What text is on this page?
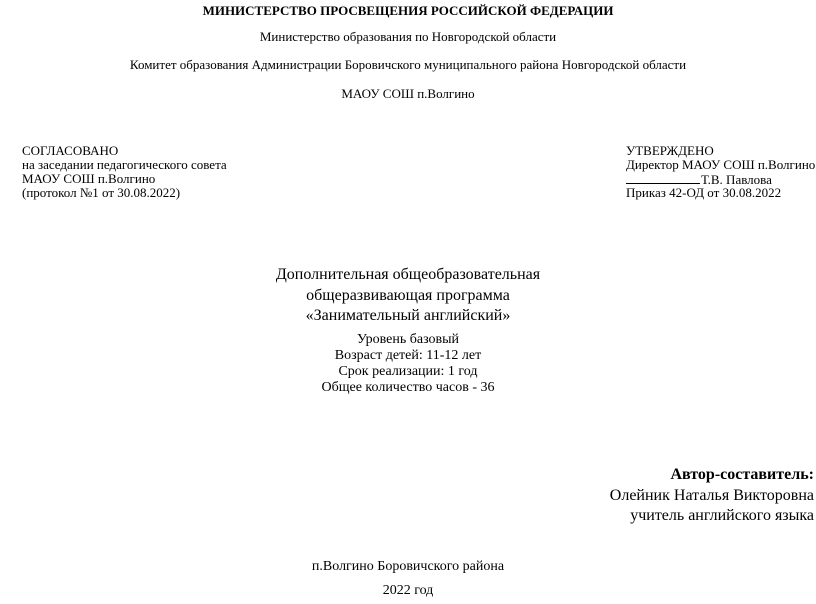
МИНИСТЕРСТВО ПРОСВЕЩЕНИЯ РОССИЙСКОЙ ФЕДЕРАЦИИ
Министерство образования по Новгородской области
Комитет образования Администрации Боровичского муниципального района Новгородской области
МАОУ СОШ п.Волгино
СОГЛАСОВАНО
на заседании педагогического совета
МАОУ СОШ п.Волгино
(протокол №1 от 30.08.2022)
УТВЕРЖДЕНО
Директор МАОУ СОШ п.Волгино
Т.В. Павлова
Приказ 42-ОД от 30.08.2022
Дополнительная общеобразовательная
общеразвивающая программа
«Занимательный английский»
Уровень базовый
Возраст детей: 11-12 лет
Срок реализации: 1 год
Общее количество часов - 36
Автор-составитель:
Олейник Наталья Викторовна
учитель английского языка
п.Волгино Боровичского района
2022 год
